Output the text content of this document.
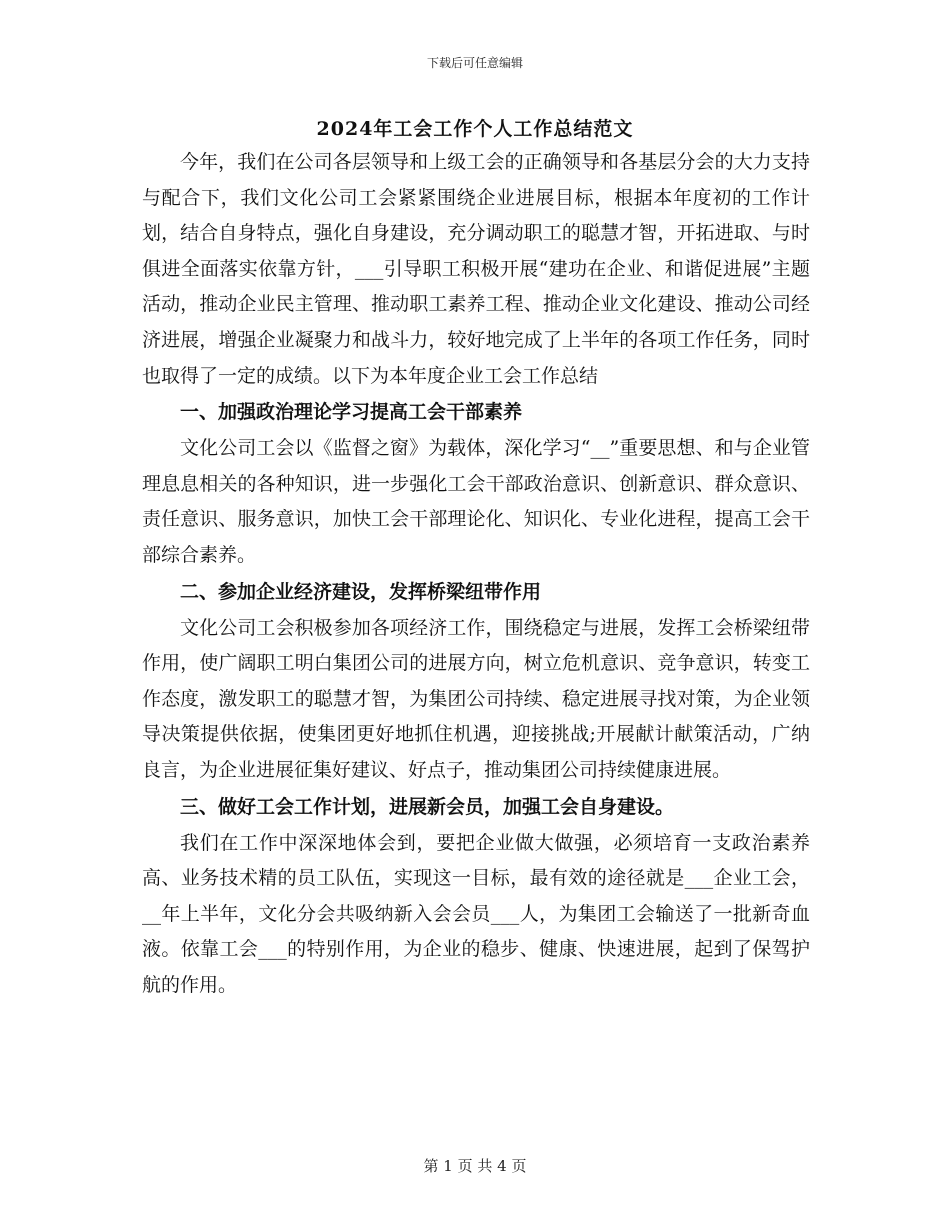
下载后可任意编辑
2024年工会工作个人工作总结范文

今年，我们在公司各层领导和上级工会的正确领导和各基层分会的大力支持与配合下，我们文化公司工会紧紧围绕企业进展目标，根据本年度初的工作计划，结合自身特点，强化自身建设，充分调动职工的聪慧才智，开拓进取、与时俱进全面落实依靠方针，___引导职工积极开展“建功在企业、和谐促进展”主题活动，推动企业民主管理、推动职工素养工程、推动企业文化建设、推动公司经济进展，增强企业凝聚力和战斗力，较好地完成了上半年的各项工作任务，同时也取得了一定的成绩。以下为本年度企业工会工作总结

一、加强政治理论学习提高工会干部素养

文化公司工会以《监督之窗》为载体，深化学习“__”重要思想、和与企业管理息息相关的各种知识，进一步强化工会干部政治意识、创新意识、群众意识、责任意识、服务意识，加快工会干部理论化、知识化、专业化进程，提高工会干部综合素养。

二、参加企业经济建设，发挥桥梁纽带作用

文化公司工会积极参加各项经济工作，围绕稳定与进展，发挥工会桥梁纽带作用，使广阔职工明白集团公司的进展方向，树立危机意识、竞争意识，转变工作态度，激发职工的聪慧才智，为集团公司持续、稳定进展寻找对策，为企业领导决策提供依据，使集团更好地抓住机遇，迎接挑战;开展献计献策活动，广纳良言，为企业进展征集好建议、好点子，推动集团公司持续健康进展。

三、做好工会工作计划，进展新会员，加强工会自身建设。

我们在工作中深深地体会到，要把企业做大做强，必须培育一支政治素养高、业务技术精的员工队伍，实现这一目标，最有效的途径就是___企业工会，__年上半年，文化分会共吸纳新入会会员___人，为集团工会输送了一批新奇血液。依靠工会___的特别作用，为企业的稳步、健康、快速进展，起到了保驾护航的作用。

第 1 页 共 4 页
